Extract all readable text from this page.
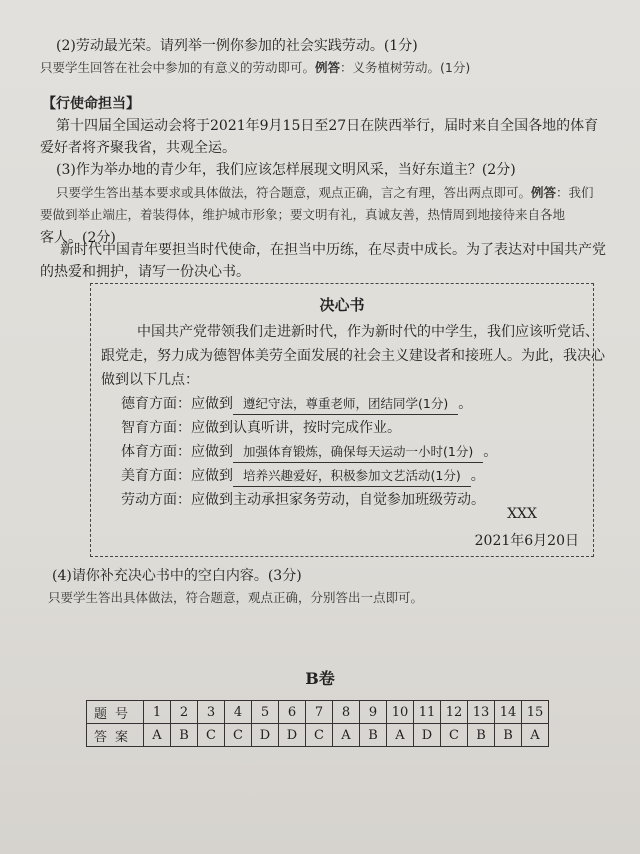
(2)劳动最光荣。请列举一例你参加的社会实践劳动。(1分)
只要学生回答在社会中参加的有意义的劳动即可。例答：义务植树劳动。(1分)
【行使命担当】
第十四届全国运动会将于2021年9月15日至27日在陕西举行，届时来自全国各地的体育
爱好者将齐聚我省，共观全运。
(3)作为举办地的青少年，我们应该怎样展现文明风采，当好东道主？(2分)
只要学生答出基本要求或具体做法，符合题意，观点正确，言之有理，答出两点即可。例答：我们
要做到举止端庄，着装得体，维护城市形象；要文明有礼，真诚友善，热情周到地接待来自各地
客人。(2分)
新时代中国青年要担当时代使命，在担当中历练，在尽责中成长。为了表达对中国共产党
的热爱和拥护，请写一份决心书。
决心书
中国共产党带领我们走进新时代，作为新时代的中学生，我们应该听党话、
跟党走，努力成为德智体美劳全面发展的社会主义建设者和接班人。为此，我决心
做到以下几点：
德育方面：应做到 遵纪守法，尊重老师，团结同学(1分) 。
智育方面：应做到认真听讲，按时完成作业。
体育方面：应做到 加强体育锻炼，确保每天运动一小时(1分) 。
美育方面：应做到 培养兴趣爱好，积极参加文艺活动(1分) 。
劳动方面：应做到主动承担家务劳动，自觉参加班级劳动。
XXX
2021年6月20日
(4)请你补充决心书中的空白内容。(3分)
只要学生答出具体做法，符合题意，观点正确，分别答出一点即可。
B卷
题号	1	2	3	4	5	6	7	8	9	10	11	12	13	14	15
答案	A	B	C	C	D	D	C	A	B	A	D	C	B	B	A
